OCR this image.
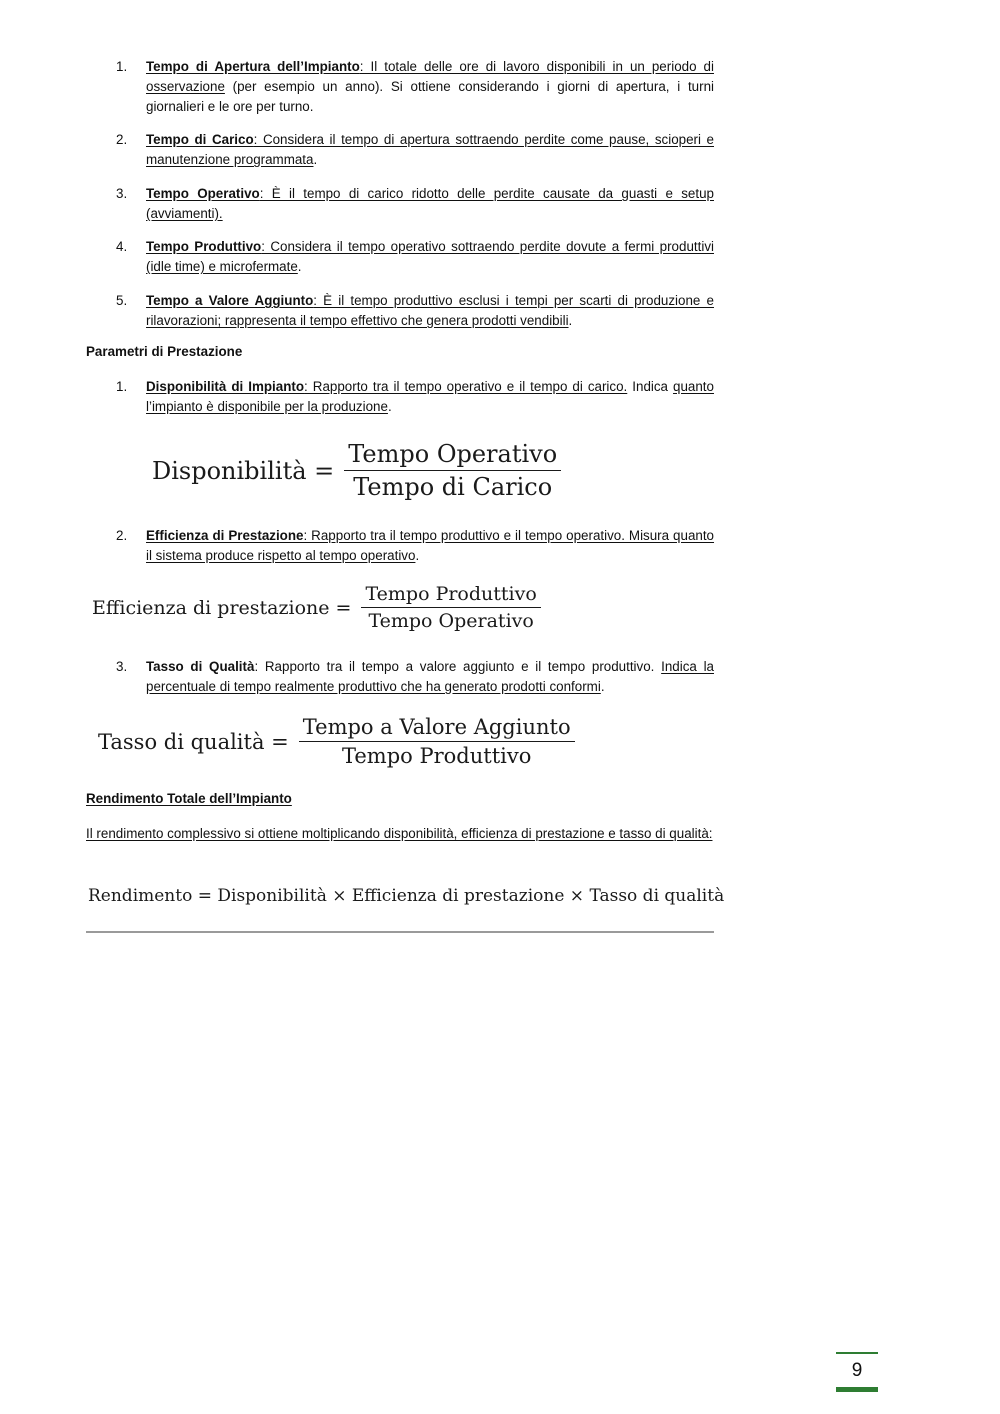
1.	Tempo di Apertura dell’Impianto: Il totale delle ore di lavoro disponibili in un periodo di osservazione (per esempio un anno). Si ottiene considerando i giorni di apertura, i turni giornalieri e le ore per turno.
2.	Tempo di Carico: Considera il tempo di apertura sottraendo perdite come pause, scioperi e manutenzione programmata.
3.	Tempo Operativo: È il tempo di carico ridotto delle perdite causate da guasti e setup (avviamenti).
4.	Tempo Produttivo: Considera il tempo operativo sottraendo perdite dovute a fermi produttivi (idle time) e microfermate.
5.	Tempo a Valore Aggiunto: È il tempo produttivo esclusi i tempi per scarti di produzione e rilavorazioni; rappresenta il tempo effettivo che genera prodotti vendibili.
Parametri di Prestazione
1.	Disponibilità di Impianto: Rapporto tra il tempo operativo e il tempo di carico. Indica quanto l’impianto è disponibile per la produzione.
Disponibilità = $\frac{\text{Tempo Operativo}}{\text{Tempo di Carico}}$
2.	Efficienza di Prestazione: Rapporto tra il tempo produttivo e il tempo operativo. Misura quanto il sistema produce rispetto al tempo operativo.
Efficienza di prestazione = $\frac{\text{Tempo Produttivo}}{\text{Tempo Operativo}}$
3.	Tasso di Qualità: Rapporto tra il tempo a valore aggiunto e il tempo produttivo. Indica la percentuale di tempo realmente produttivo che ha generato prodotti conformi.
Tasso di qualità = $\frac{\text{Tempo a Valore Aggiunto}}{\text{Tempo Produttivo}}$
Rendimento Totale dell’Impianto
Il rendimento complessivo si ottiene moltiplicando disponibilità, efficienza di prestazione e tasso di qualità:
Rendimento = Disponibilità × Efficienza di prestazione × Tasso di qualità
9
